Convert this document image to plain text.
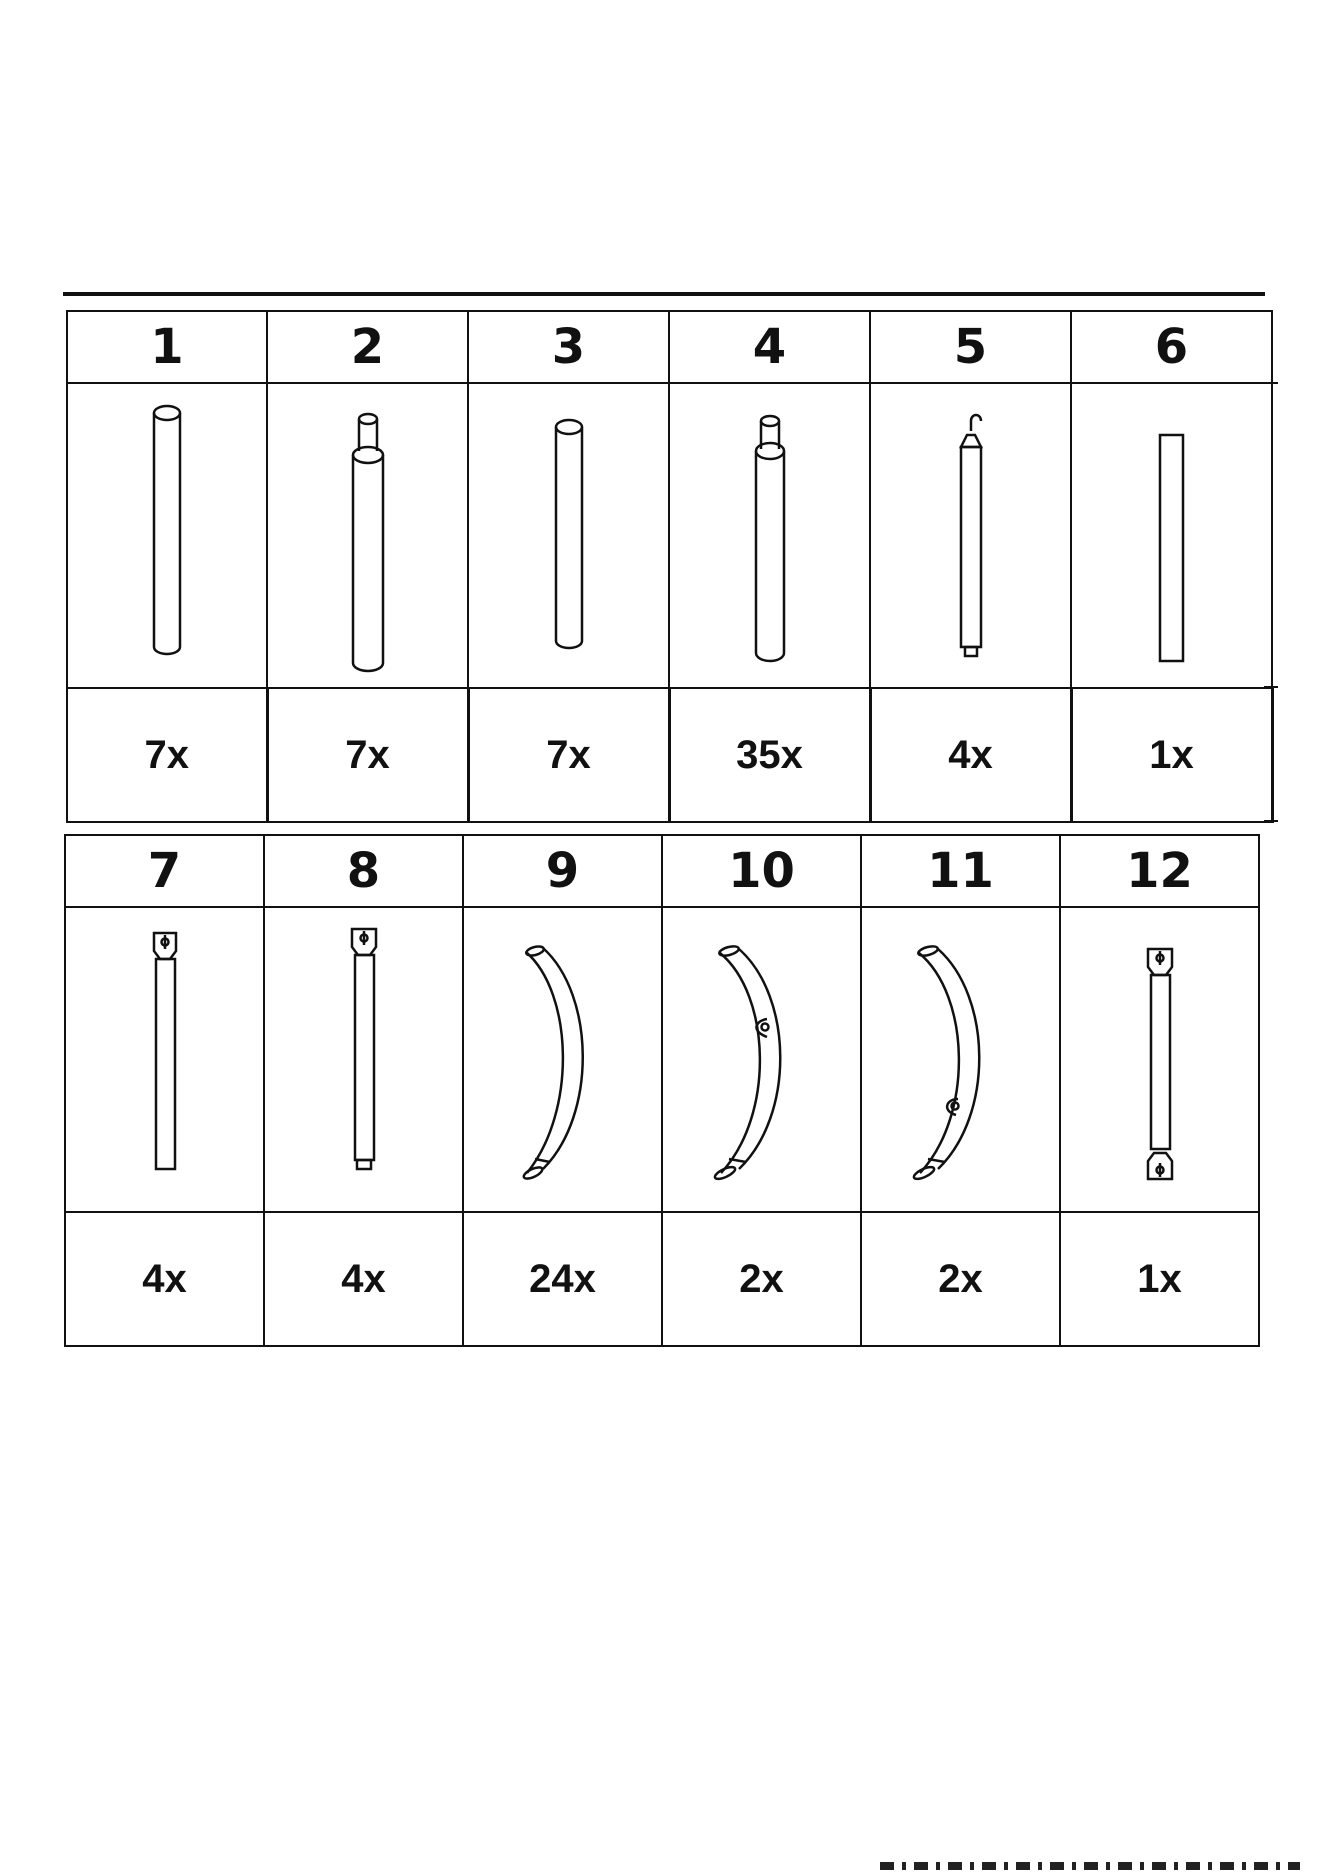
1	2	3	4	5	6

7x	7x	7x	35x	4x	1x
7	8	9	10	11	12

4x	4x	24x	2x	2x	1x
